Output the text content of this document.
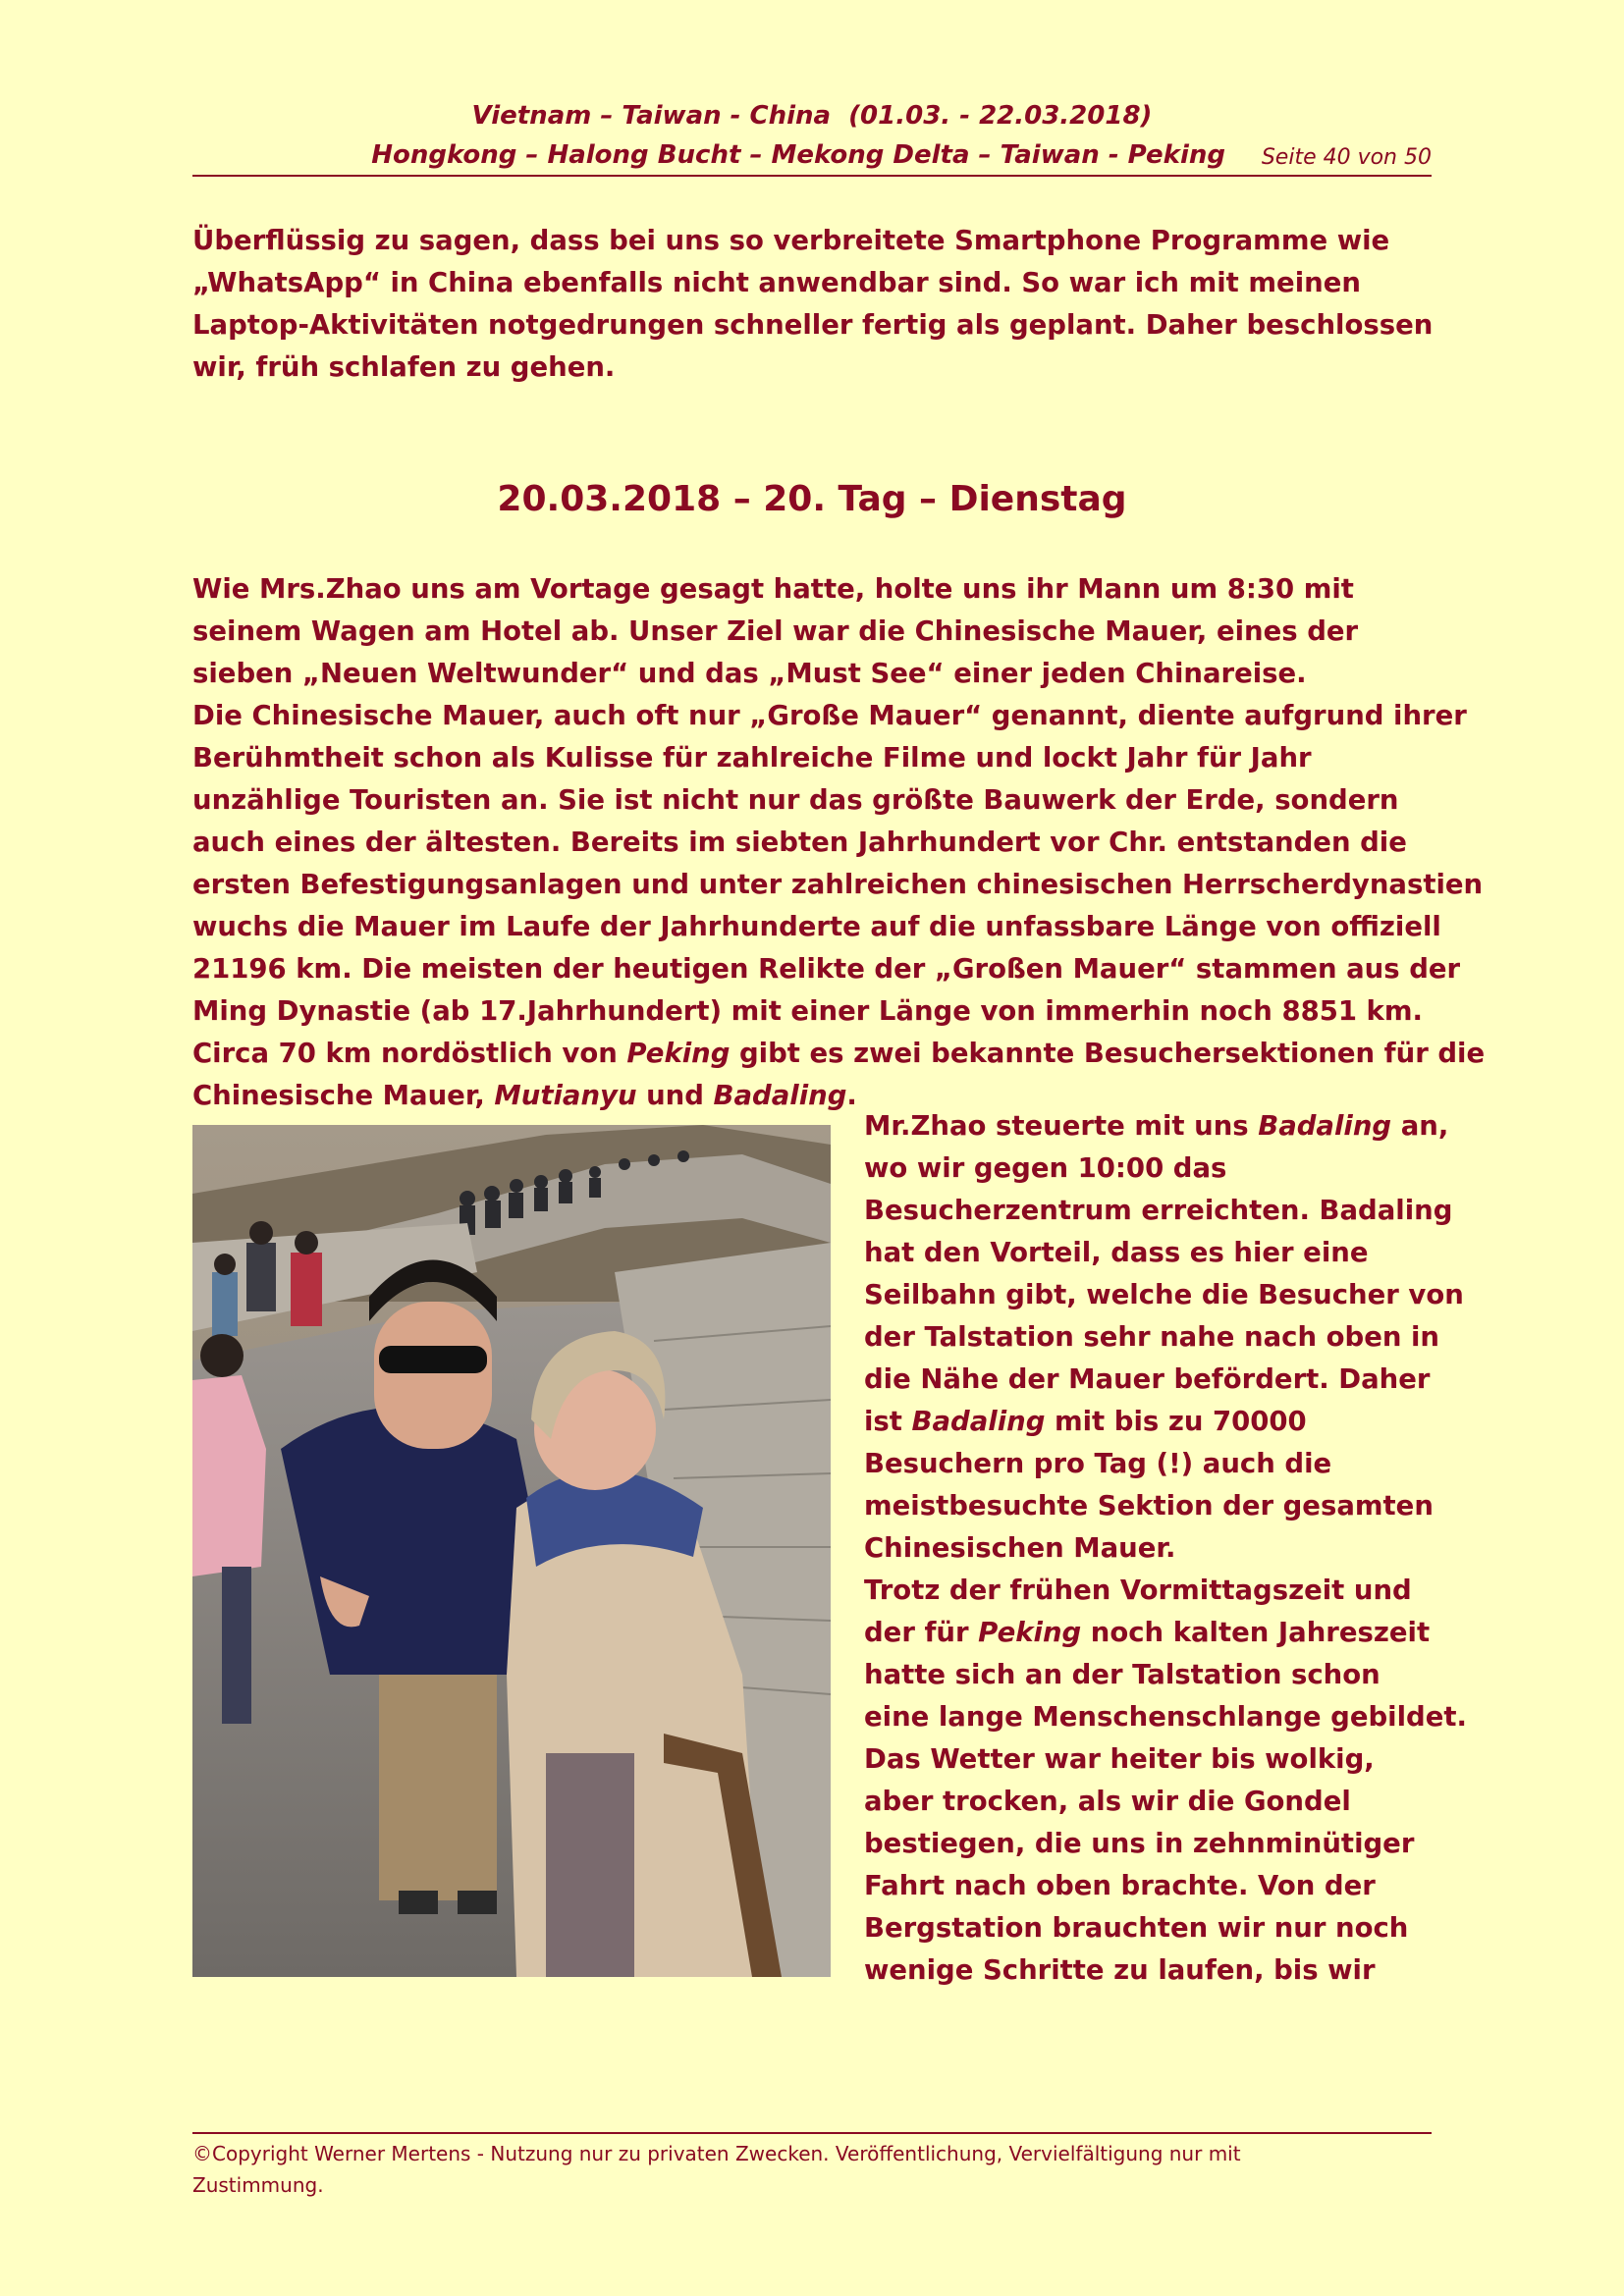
Vietnam – Taiwan - China  (01.03. - 22.03.2018)
Hongkong – Halong Bucht – Mekong Delta – Taiwan - Peking Seite 40 von 50
Überflüssig zu sagen, dass bei uns so verbreitete Smartphone Programme wie
„WhatsApp“ in China ebenfalls nicht anwendbar sind. So war ich mit meinen
Laptop-Aktivitäten notgedrungen schneller fertig als geplant. Daher beschlossen
wir, früh schlafen zu gehen.
20.03.2018 – 20. Tag – Dienstag
Wie Mrs.Zhao uns am Vortage gesagt hatte, holte uns ihr Mann um 8:30 mit
seinem Wagen am Hotel ab. Unser Ziel war die Chinesische Mauer, eines der
sieben „Neuen Weltwunder“ und das „Must See“ einer jeden Chinareise.
Die Chinesische Mauer, auch oft nur „Große Mauer“ genannt, diente aufgrund ihrer
Berühmtheit schon als Kulisse für zahlreiche Filme und lockt Jahr für Jahr
unzählige Touristen an. Sie ist nicht nur das größte Bauwerk der Erde, sondern
auch eines der ältesten. Bereits im siebten Jahrhundert vor Chr. entstanden die
ersten Befestigungsanlagen und unter zahlreichen chinesischen Herrscherdynastien
wuchs die Mauer im Laufe der Jahrhunderte auf die unfassbare Länge von offiziell
21196 km. Die meisten der heutigen Relikte der „Großen Mauer“ stammen aus der
Ming Dynastie (ab 17.Jahrhundert) mit einer Länge von immerhin noch 8851 km.
Circa 70 km nordöstlich von Peking gibt es zwei bekannte Besuchersektionen für die
Chinesische Mauer, Mutianyu und Badaling.
Mr.Zhao steuerte mit uns Badaling an,
wo wir gegen 10:00 das
Besucherzentrum erreichten. Badaling
hat den Vorteil, dass es hier eine
Seilbahn gibt, welche die Besucher von
der Talstation sehr nahe nach oben in
die Nähe der Mauer befördert. Daher
ist Badaling mit bis zu 70000
Besuchern pro Tag (!) auch die
meistbesuchte Sektion der gesamten
Chinesischen Mauer.
Trotz der frühen Vormittagszeit und
der für Peking noch kalten Jahreszeit
hatte sich an der Talstation schon
eine lange Menschenschlange gebildet.
Das Wetter war heiter bis wolkig,
aber trocken, als wir die Gondel
bestiegen, die uns in zehnminütiger
Fahrt nach oben brachte. Von der
Bergstation brauchten wir nur noch
wenige Schritte zu laufen, bis wir
©Copyright Werner Mertens - Nutzung nur zu privaten Zwecken. Veröffentlichung, Vervielfältigung nur mit
Zustimmung.
